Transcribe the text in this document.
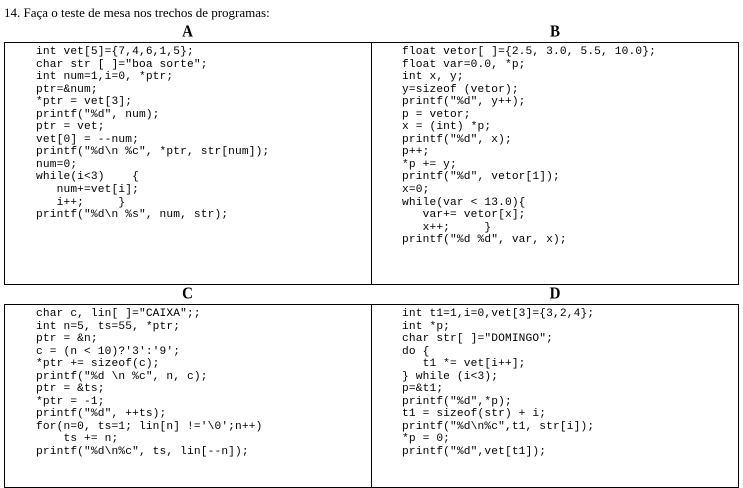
14. Faça o teste de mesa nos trechos de programas:
A	B
int vet[5]={7,4,6,1,5};
char str [ ]="boa sorte";
int num=1,i=0, *ptr;
ptr=&num;
*ptr = vet[3];
printf("%d", num);
ptr = vet;
vet[0] = --num;
printf("%d\n %c", *ptr, str[num]);
num=0;
while(i<3)    {
num+=vet[i];
i++;     }
printf("%d\n %s", num, str);
float vetor[ ]={2.5, 3.0, 5.5, 10.0};
float var=0.0, *p;
int x, y;
y=sizeof (vetor);
printf("%d", y++);
p = vetor;
x = (int) *p;
printf("%d", x);
p++;
*p += y;
printf("%d", vetor[1]);
x=0;
while(var < 13.0){
var+= vetor[x];
x++;     }
printf("%d %d", var, x);
C	D
char c, lin[ ]="CAIXA";;
int n=5, ts=55, *ptr;
ptr = &n;
c = (n < 10)?'3':'9';
*ptr += sizeof(c);
printf("%d \n %c", n, c);
ptr = &ts;
*ptr = -1;
printf("%d", ++ts);
for(n=0, ts=1; lin[n] !='\0';n++)
ts += n;
printf("%d\n%c", ts, lin[--n]);
int t1=1,i=0,vet[3]={3,2,4};
int *p;
char str[ ]="DOMINGO";
do {
t1 *= vet[i++];
} while (i<3);
p=&t1;
printf("%d",*p);
t1 = sizeof(str) + i;
printf("%d\n%c",t1, str[i]);
*p = 0;
printf("%d",vet[t1]);
